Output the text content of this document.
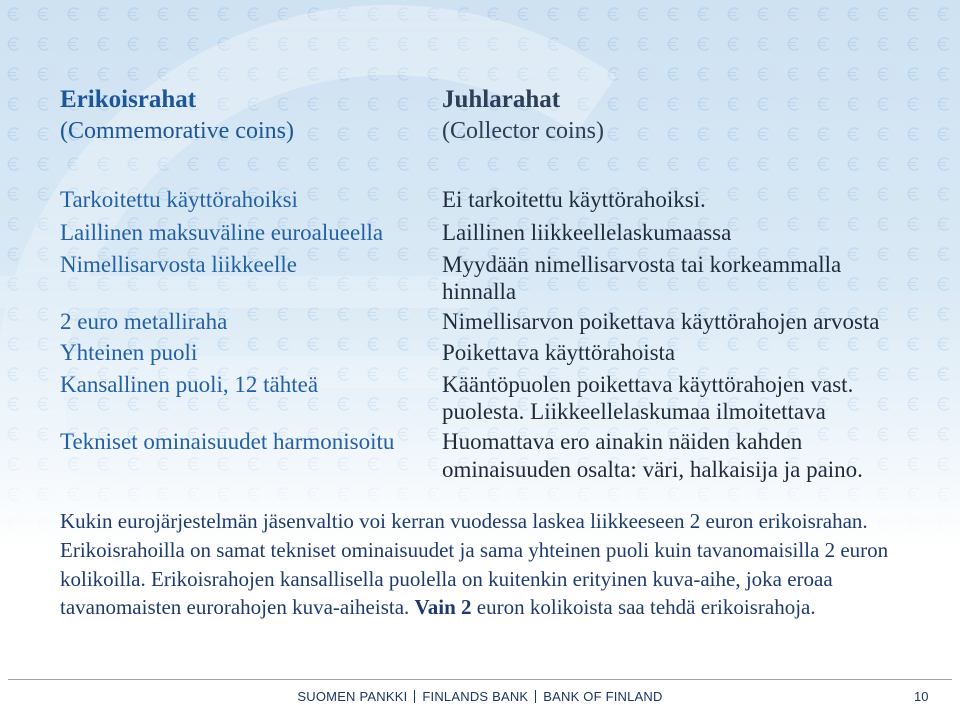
Erikoisrahat
(Commemorative coins)
Tarkoitettu käyttörahoiksi
Laillinen maksuväline euroalueella
Nimellisarvosta liikkeelle
2 euro metalliraha
Yhteinen puoli
Kansallinen puoli, 12 tähteä
Tekniset ominaisuudet harmonisoitu
Juhlarahat
(Collector coins)
Ei tarkoitettu käyttörahoiksi.
Laillinen liikkeellelaskumaassa
Myydään nimellisarvosta tai korkeammalla
hinnalla
Nimellisarvon poikettava käyttörahojen arvosta
Poikettava käyttörahoista
Kääntöpuolen poikettava käyttörahojen vast.
puolesta. Liikkeellelaskumaa ilmoitettava
Huomattava ero ainakin näiden kahden
ominaisuuden osalta: väri, halkaisija ja paino.
Kukin eurojärjestelmän jäsenvaltio voi kerran vuodessa laskea liikkeeseen 2 euron erikoisrahan.
Erikoisrahoilla on samat tekniset ominaisuudet ja sama yhteinen puoli kuin tavanomaisilla 2 euron
kolikoilla. Erikoisrahojen kansallisella puolella on kuitenkin erityinen kuva-aihe, joka eroaa
tavanomaisten eurorahojen kuva-aiheista. Vain 2 euron kolikoista saa tehdä erikoisrahoja.
SUOMEN PANKKI FINLANDS BANK BANK OF FINLAND	10
